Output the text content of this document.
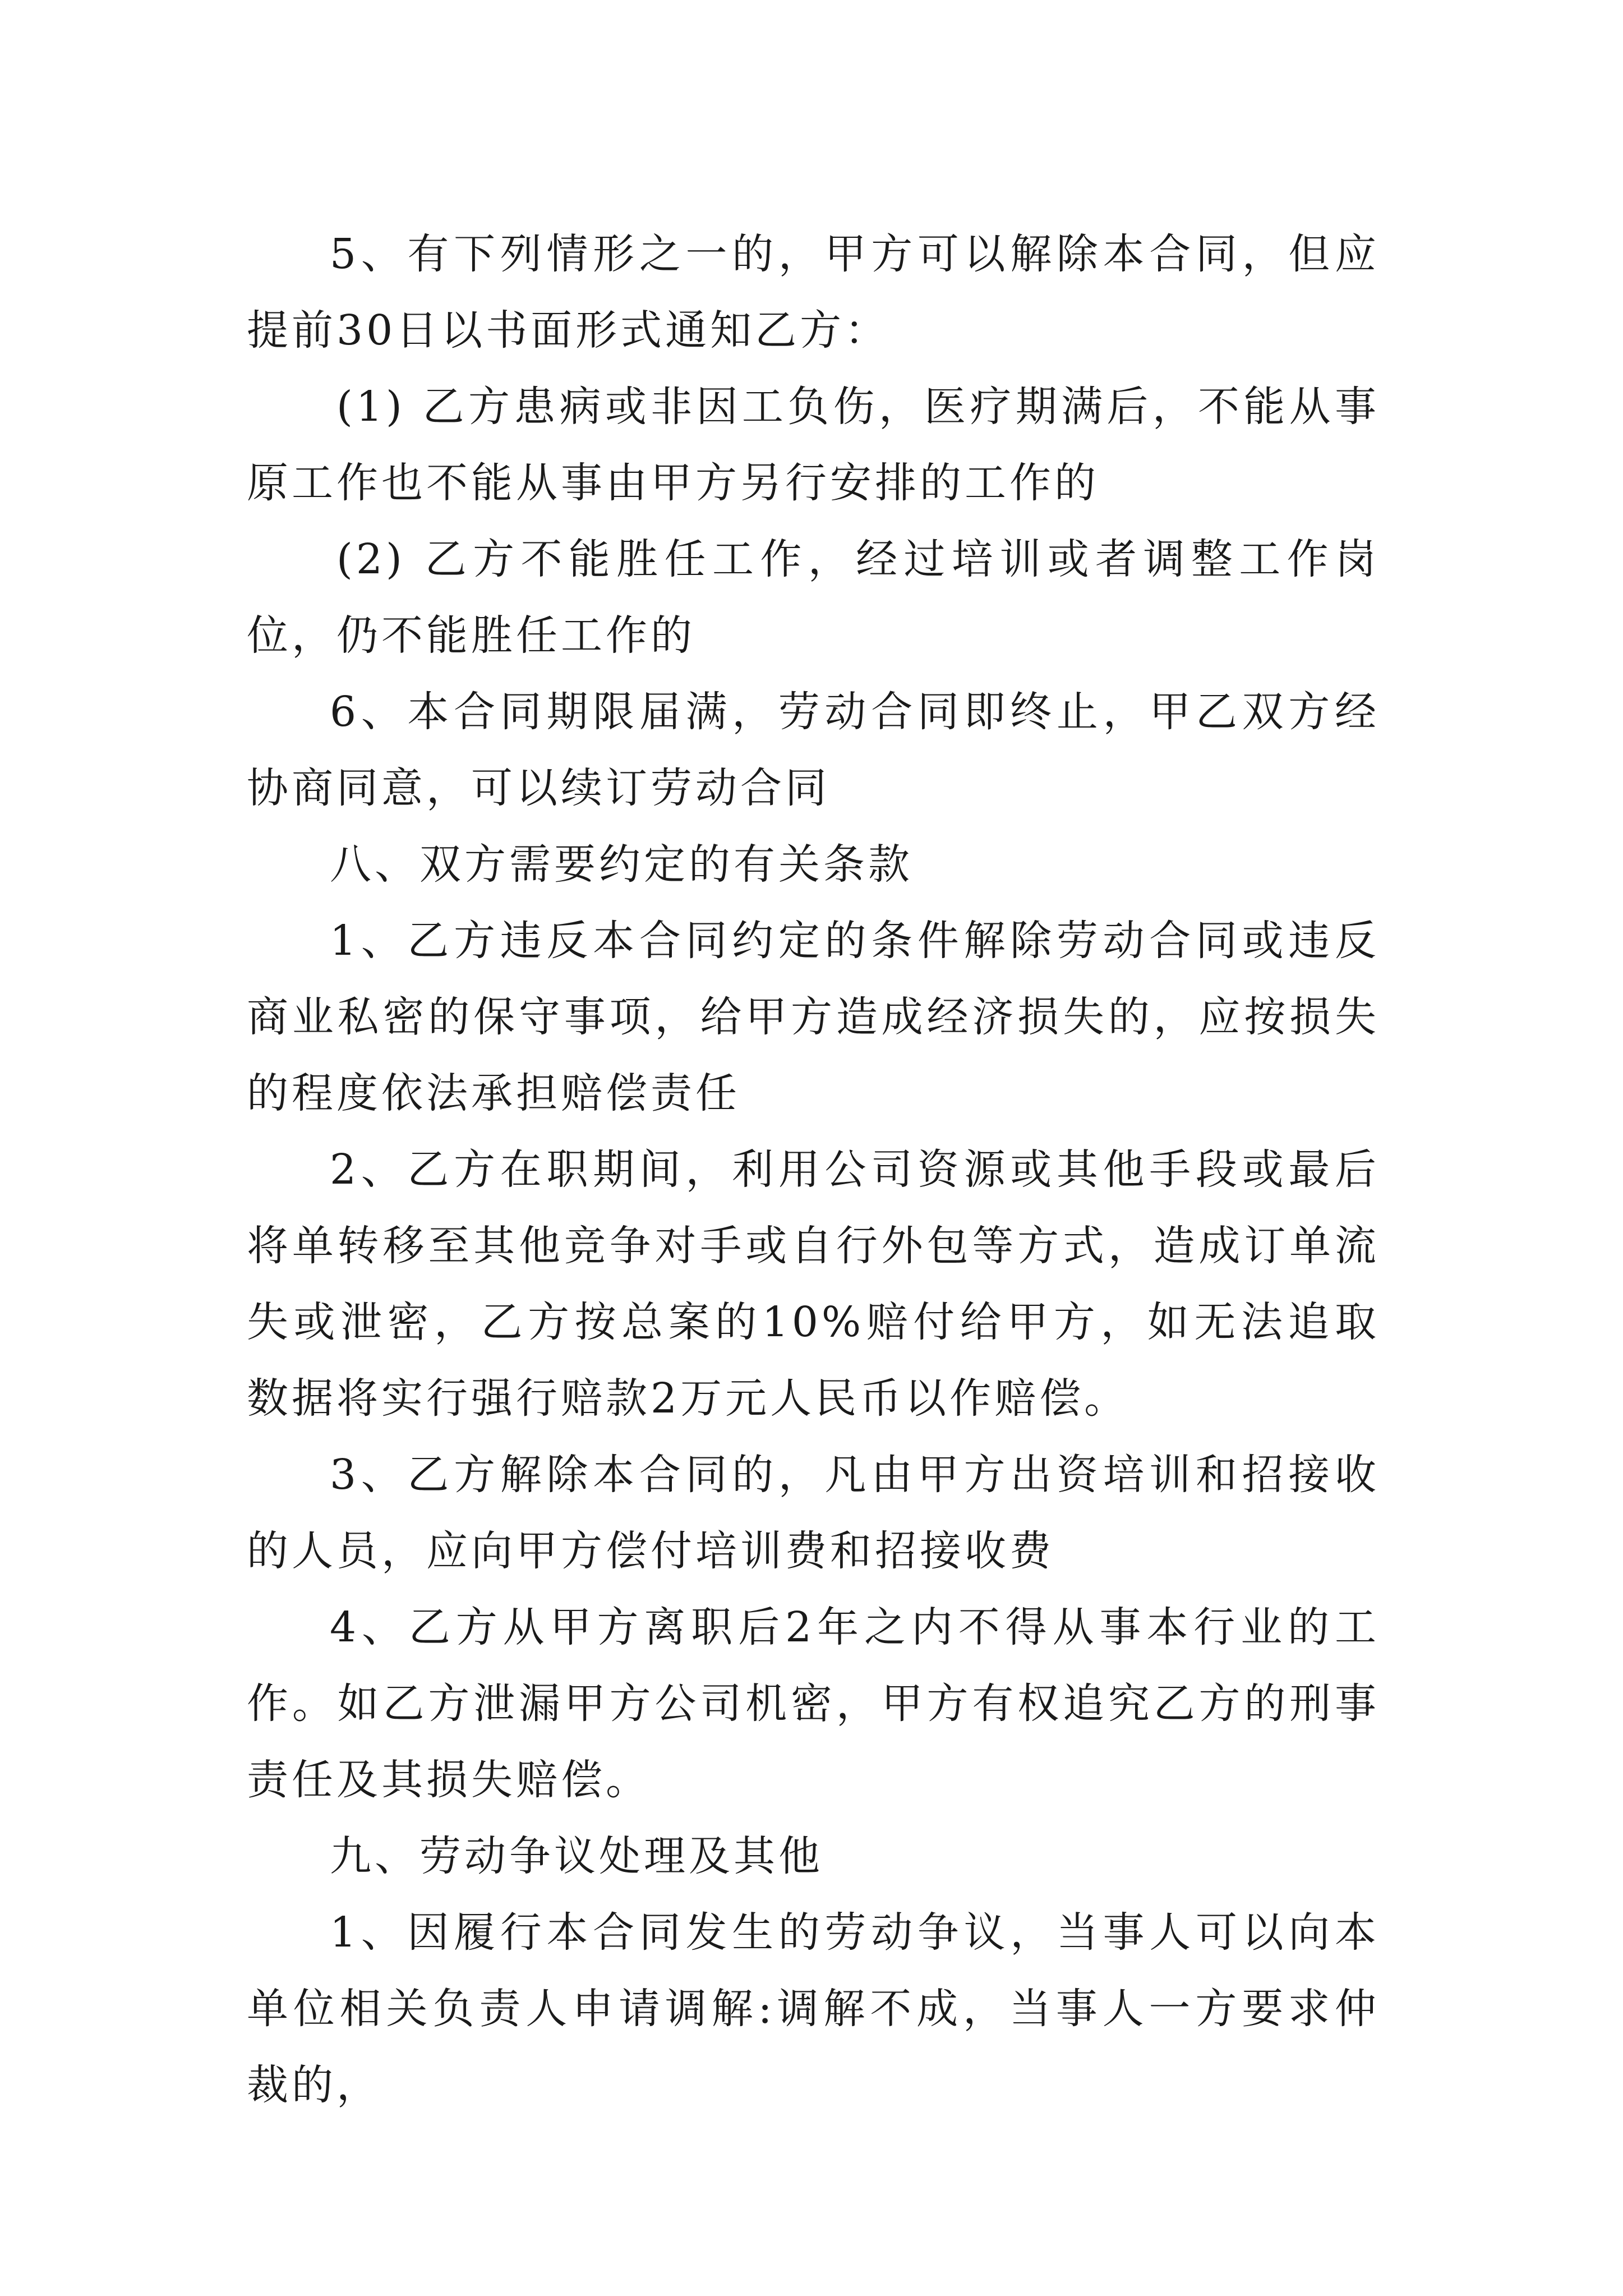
5、有下列情形之一的，甲方可以解除本合同，但应提前30日以书面形式通知乙方：

(1) 乙方患病或非因工负伤，医疗期满后，不能从事原工作也不能从事由甲方另行安排的工作的

(2) 乙方不能胜任工作，经过培训或者调整工作岗位，仍不能胜任工作的

6、本合同期限届满，劳动合同即终止，甲乙双方经协商同意，可以续订劳动合同

八、双方需要约定的有关条款

1、乙方违反本合同约定的条件解除劳动合同或违反商业私密的保守事项，给甲方造成经济损失的，应按损失的程度依法承担赔偿责任

2、乙方在职期间，利用公司资源或其他手段或最后将单转移至其他竞争对手或自行外包等方式，造成订单流失或泄密，乙方按总案的10%赔付给甲方，如无法追取数据将实行强行赔款2万元人民币以作赔偿。

3、乙方解除本合同的，凡由甲方出资培训和招接收的人员，应向甲方偿付培训费和招接收费

4、乙方从甲方离职后2年之内不得从事本行业的工作。如乙方泄漏甲方公司机密，甲方有权追究乙方的刑事责任及其损失赔偿。

九、劳动争议处理及其他

1、因履行本合同发生的劳动争议，当事人可以向本单位相关负责人申请调解:调解不成，当事人一方要求仲裁的，
